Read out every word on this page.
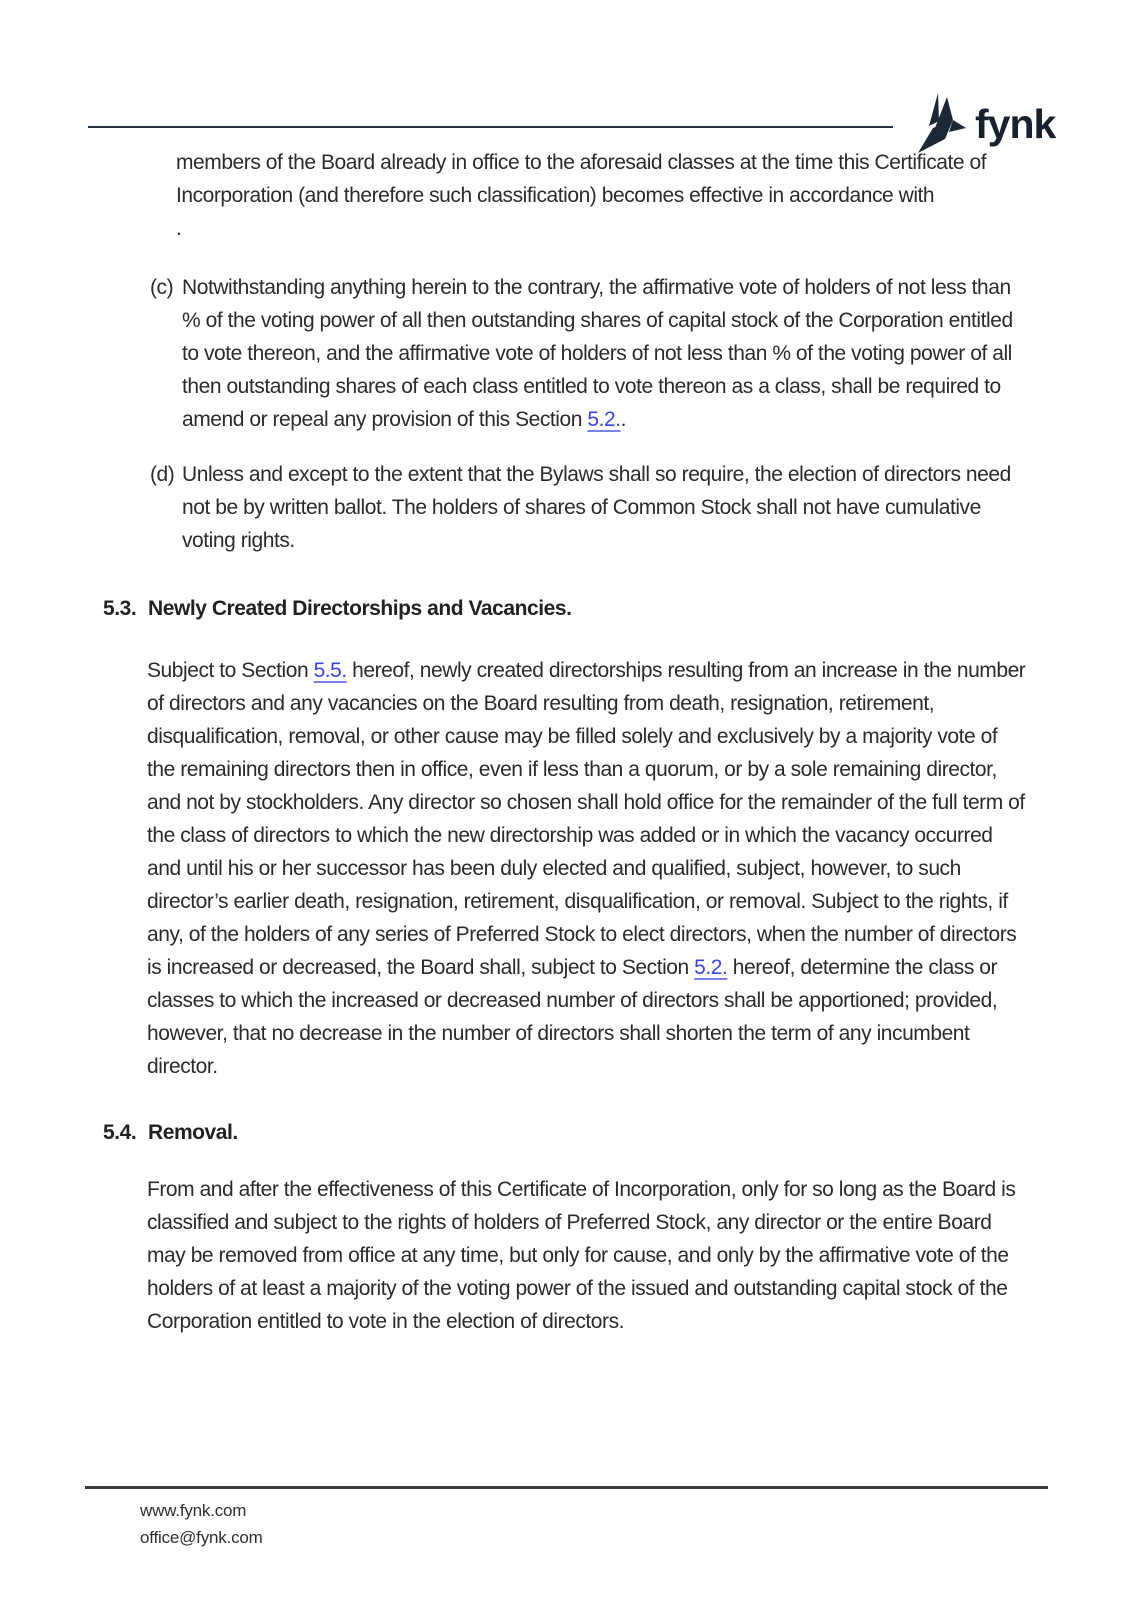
fynk

members of the Board already in office to the aforesaid classes at the time this Certificate of Incorporation (and therefore such classification) becomes effective in accordance with
.

(c) Notwithstanding anything herein to the contrary, the affirmative vote of holders of not less than % of the voting power of all then outstanding shares of capital stock of the Corporation entitled to vote thereon, and the affirmative vote of holders of not less than % of the voting power of all then outstanding shares of each class entitled to vote thereon as a class, shall be required to amend or repeal any provision of this Section 5.2..

(d) Unless and except to the extent that the Bylaws shall so require, the election of directors need not be by written ballot. The holders of shares of Common Stock shall not have cumulative voting rights.

5.3. Newly Created Directorships and Vacancies.

Subject to Section 5.5. hereof, newly created directorships resulting from an increase in the number of directors and any vacancies on the Board resulting from death, resignation, retirement, disqualification, removal, or other cause may be filled solely and exclusively by a majority vote of the remaining directors then in office, even if less than a quorum, or by a sole remaining director, and not by stockholders. Any director so chosen shall hold office for the remainder of the full term of the class of directors to which the new directorship was added or in which the vacancy occurred and until his or her successor has been duly elected and qualified, subject, however, to such director’s earlier death, resignation, retirement, disqualification, or removal. Subject to the rights, if any, of the holders of any series of Preferred Stock to elect directors, when the number of directors is increased or decreased, the Board shall, subject to Section 5.2. hereof, determine the class or classes to which the increased or decreased number of directors shall be apportioned; provided, however, that no decrease in the number of directors shall shorten the term of any incumbent director.

5.4. Removal.

From and after the effectiveness of this Certificate of Incorporation, only for so long as the Board is classified and subject to the rights of holders of Preferred Stock, any director or the entire Board may be removed from office at any time, but only for cause, and only by the affirmative vote of the holders of at least a majority of the voting power of the issued and outstanding capital stock of the Corporation entitled to vote in the election of directors.

www.fynk.com
office@fynk.com
